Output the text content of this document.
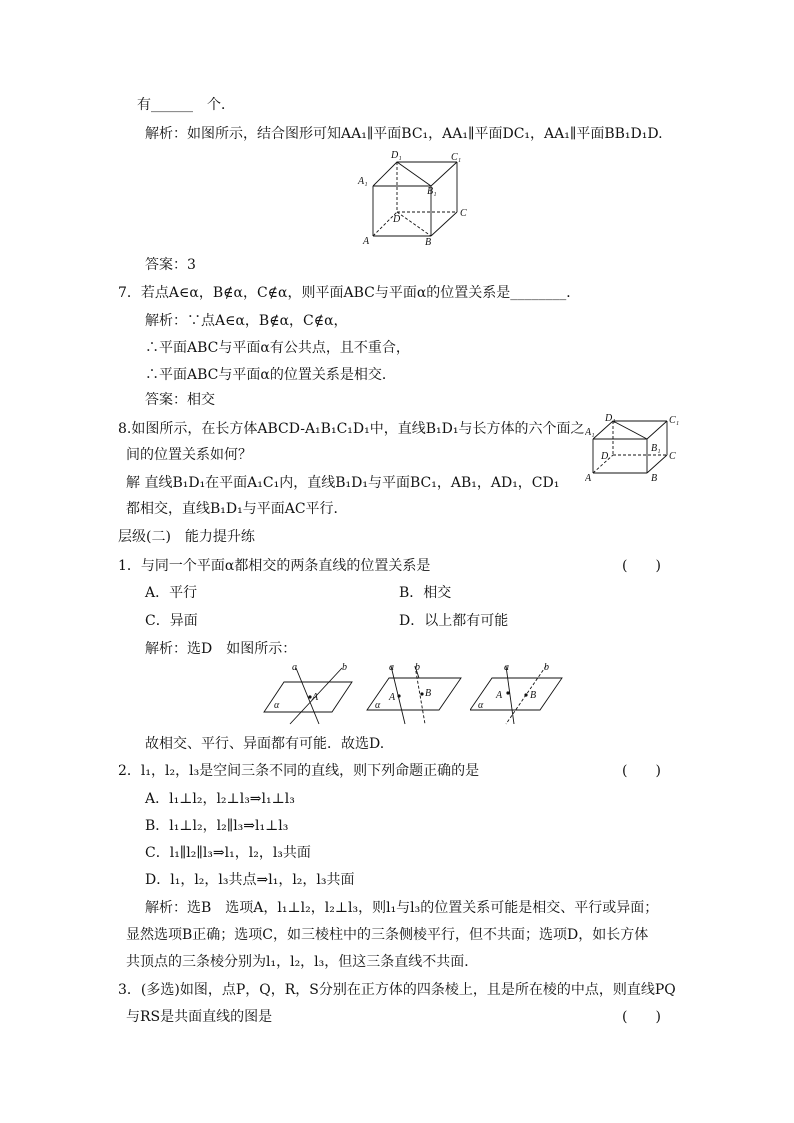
有______　个．
解析：如图所示，结合图形可知AA₁∥平面BC₁，AA₁∥平面DC₁，AA₁∥平面BB₁D₁D.
D₁	C₁
A₁
B₁
D
C
A	B
答案：3
7．若点A∈α，B∉α，C∉α，则平面ABC与平面α的位置关系是________．
解析：∵点A∈α，B∉α，C∉α，
∴平面ABC与平面α有公共点，且不重合，
∴平面ABC与平面α的位置关系是相交．
答案：相交
8.如图所示，在长方体ABCD-A₁B₁C₁D₁中，直线B₁D₁与长方体的六个面之
间的位置关系如何？
D₁	C₁
A₁
B₁
D	C
A	B
解 直线B₁D₁在平面A₁C₁内，直线B₁D₁与平面BC₁，AB₁，AD₁，CD₁
都相交，直线B₁D₁与平面AC平行．
层级(二)　能力提升练
1．与同一个平面α都相交的两条直线的位置关系是	(　　)
A．平行	B．相交
C．异面	D．以上都有可能
解析：选D　如图所示：
a	b
A
α
a b
A	B
α
a	b
A	B
α
故相交、平行、异面都有可能．故选D.
2．l₁，l₂，l₃是空间三条不同的直线，则下列命题正确的是	(　　)
A．l₁⊥l₂，l₂⊥l₃⇒l₁⊥l₃
B．l₁⊥l₂，l₂∥l₃⇒l₁⊥l₃
C．l₁∥l₂∥l₃⇒l₁，l₂，l₃共面
D．l₁，l₂，l₃共点⇒l₁，l₂，l₃共面
解析：选B　选项A，l₁⊥l₂，l₂⊥l₃，则l₁与l₃的位置关系可能是相交、平行或异面；
显然选项B正确；选项C，如三棱柱中的三条侧棱平行，但不共面；选项D，如长方体
共顶点的三条棱分别为l₁，l₂，l₃，但这三条直线不共面．
3．(多选)如图，点P，Q，R，S分别在正方体的四条棱上，且是所在棱的中点，则直线PQ
与RS是共面直线的图是	(　　)
